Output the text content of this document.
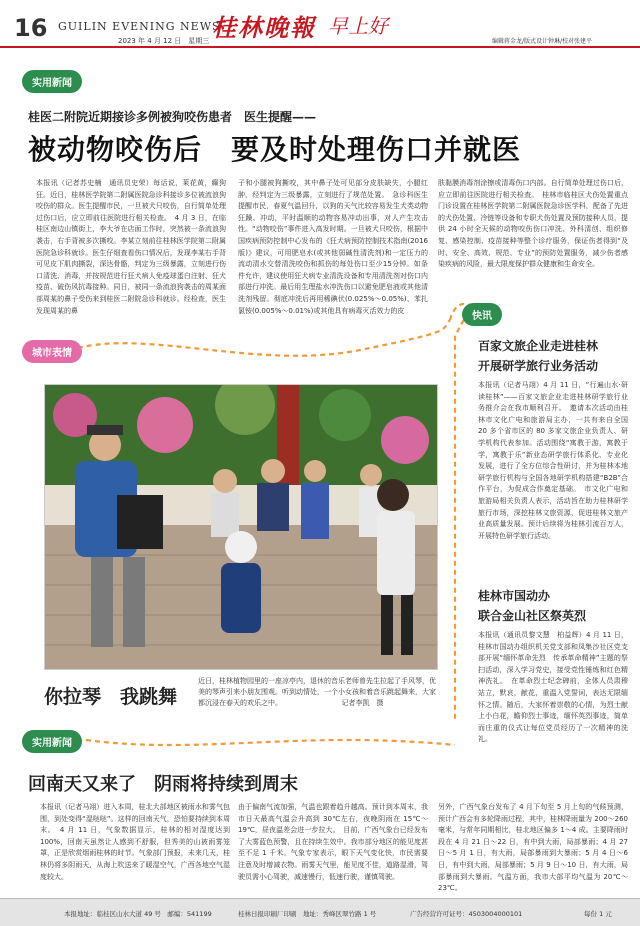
16 GUILIN EVENING NEWS
2023 年 4 月 12 日　星期三 桂林晚報 早上好
编辑蒋金龙/版式设计钟琳/校对张建平
实用新闻
桂医二附院近期接诊多例被狗咬伤患者　医生提醒——
被动物咬伤后　要及时处理伤口并就医
本报讯（记者苏史楠　通讯员史荣）每话说，莱花黄，癫狗狂。近日，桂林医学院第二附属医院急诊科接诊多位被流浪狗咬伤的群众。医生提醒市民，一旦被犬只咬伤，自行简单处理过伤口后，应立即前往医院进行相关检查。　4 月 3 日，在临桂区南边山镇街上，李大爷在店面工作时，突然被一条流浪狗袭击，右手背被多次撕咬。李某立刻前往桂林医学院第二附属医院急诊科就诊。医生仔细查看伤口情况后，发现李某右手背可见皮下肌肉撕裂，深达骨骼，判定为三级暴露，立刻进行伤口清洗、消毒，并按规范进行狂犬病人免疫球蛋白注射、狂犬疫苗、破伤风抗毒接种。同日，被同一条流浪狗袭击的周某面部周某的鼻子受伤来到桂医二附院急诊科就诊。经检查，医生发现周某的鼻
子和小腿被狗撕咬，其中鼻子处可见部分皮肤缺失，小腿红肿，经判定为三级暴露，立刻进行了规范处置。　急诊科医生提醒市民，春夏气温回升，以狗的天气比较容易发生犬类动物狂躁、冲动，平时温顺的动物容易冲动出事，对人产生攻击性。“动物咬伤”事件进入高发时期。一旦被犬只咬伤，根据中国疾病预防控制中心发布的《狂犬病预防控制技术指南(2016版)》建议，可用肥皂水(或其他弱碱性清洗剂)和一定压力的流动清水交替清洗咬伤和抓伤的每处伤口至少15分钟。如条件允许，建议使用狂犬病专业清洗设备和专用清洗剂对伤口内部进行冲洗。最后用生理盐水冲洗伤口以避免肥皂液或其他清洗剂残留。彻底冲洗后再用稀碘伏(0.025%～0.05%)、苯扎氯铵(0.005%～0.01%)或其他具有病毒灭活效力的皮
肤黏膜消毒剂涂擦或清毒伤口内部。自行简单处理过伤口后，应立即前往医院进行相关检查。　桂林市临桂区犬伤处置重点门诊设置在桂林医学院第二附属医院急诊医学科，配备了先进的犬伤处置、冷链等设备和专职犬伤处置及预防接种人员，提供 24 小时全天候的动物咬伤伤口冲洗、外科清创、组织修复、感染控制、疫苗接种等整个诊疗服务，保证伤者得到“及时、安全、高效、规范、专业”的预防处置服务，减少伤者感染疾病的风险，最大限度保护群众健康和生命安全。
快讯
城市表情
你拉琴　我跳舞
近日，桂林植物园里的一座凉亭内，退休的音乐老师曾先生拉起了手风琴，优美的琴声引来小朋友围观。听到动情处，一个小女孩和着音乐跳起舞来，大家都沉浸在春天的欢乐之中。　　　　　　　　　记者李凯　摄
百家文旅企业走进桂林
开展研学旅行业务活动
本报讯（记者马翊）4 月 11 日，“行遍山水·研读桂林”——百家文旅企业走进桂林研学旅行业务推介会在我市顺利召开。　邀请本次活动由桂林市文化广电和旅游局主办，一共有来自全国 20 多个省市区的 80 多家文旅企业负责人、研学机构代表参加。活动围绕“寓教于游，寓教于学，寓教于乐”新业态研学旅行体系化、专业化发展，进行了全方位综合性研讨，并为桂林本地研学旅行机构与全国各地研学机构搭建“B2B”合作平台，为促成合作奠定基础。　市文化广电和旅游局相关负责人表示，活动旨在助力桂林研学旅行市场，深挖桂林文旅资源，促进桂林文旅产业高质量发展。预计后续将为桂林引流百万人，开展特色研学旅行活动。
桂林市国动办
联合金山社区祭英烈
本报讯（通讯员黎文慧　柏益辉）4 月 11 日，桂林市国动办组织机关党支部和凤集沙社区党支部开展“缅怀革命先烈　传承革命精神”主题的祭扫活动，深入学习党史，接受党性锤炼和红色精神洗礼。　在革命烈士纪念碑前，全体人员肃穆站立，默哀，献花，重温入党誓词，表达无限缅怀之情。随后，大家怀着崇敬的心情，为烈士献上小白花，瞻仰烈士事迹，缅怀英烈事迹，简单而庄重的仪式让每位党员经历了一次精神的洗礼。
实用新闻
回南天又来了　阴雨将持续到周末
本报讯（记者马翊）进入本周，桂北大部地区被雨水和雾气包围，到处变得“湿哒哒”。这样的回南天气，恐怕要持续到本周末。　4 月 11 日，气象数据显示，桂林的相对湿度达到 100%，回南天虽然让人感到不舒服，但秀美的山被雨雾笼罩，正是欣赏烟雨桂林的时节。气象部门预报，未来几天，桂林仍将多阴雨天，从海上吹送来了暖湿空气，广西各地空气湿度较大。
由于偏南气流加强，气温也跟着趋升越高。预计到本周末，我市日天最高气温会升高到 30℃左右，夜晚阴雨在 15℃～19℃，昼夜温差会进一步拉大。　目前，广西气象台已经发布了大雾蓝色预警，且在持续生效中。我市部分地区的能见度甚至不足 1 千米。气象专家表示，眼下天气变化快，市民需要注意及时增减衣物。雨雾天气里，能见度不佳，道路湿滑，驾驶员需小心驾驶，减速慢行，低速行驶，谨慎驾驶。
另外，广西气象台发布了 4 月下旬至 5 月上旬的气候预测，预计广西会有多轮降雨过程，其中，桂林降雨量为 200～260 毫米，与常年同期相比，桂北地区偏多 1～4 成。主要降雨时段在 4 月 21 日～22 日，有中到大雨，局部暴雨；4 月 27 日～5 月 1 日，有大雨，局部暴雨到大暴雨；5 月 4 日～6 日，有中到大雨，局部暴雨；5 月 9 日～10 日，有大雨，局部暴雨到大暴雨。气温方面，我市大部平均气温为 20℃～23℃。
本报地址：临桂区山水大道 49 号　邮编：541199	桂林日报印刷厂印刷　地址：秀峰区翠竹路 1 号	广告经营许可证号：4503004000101	每份 1 元
